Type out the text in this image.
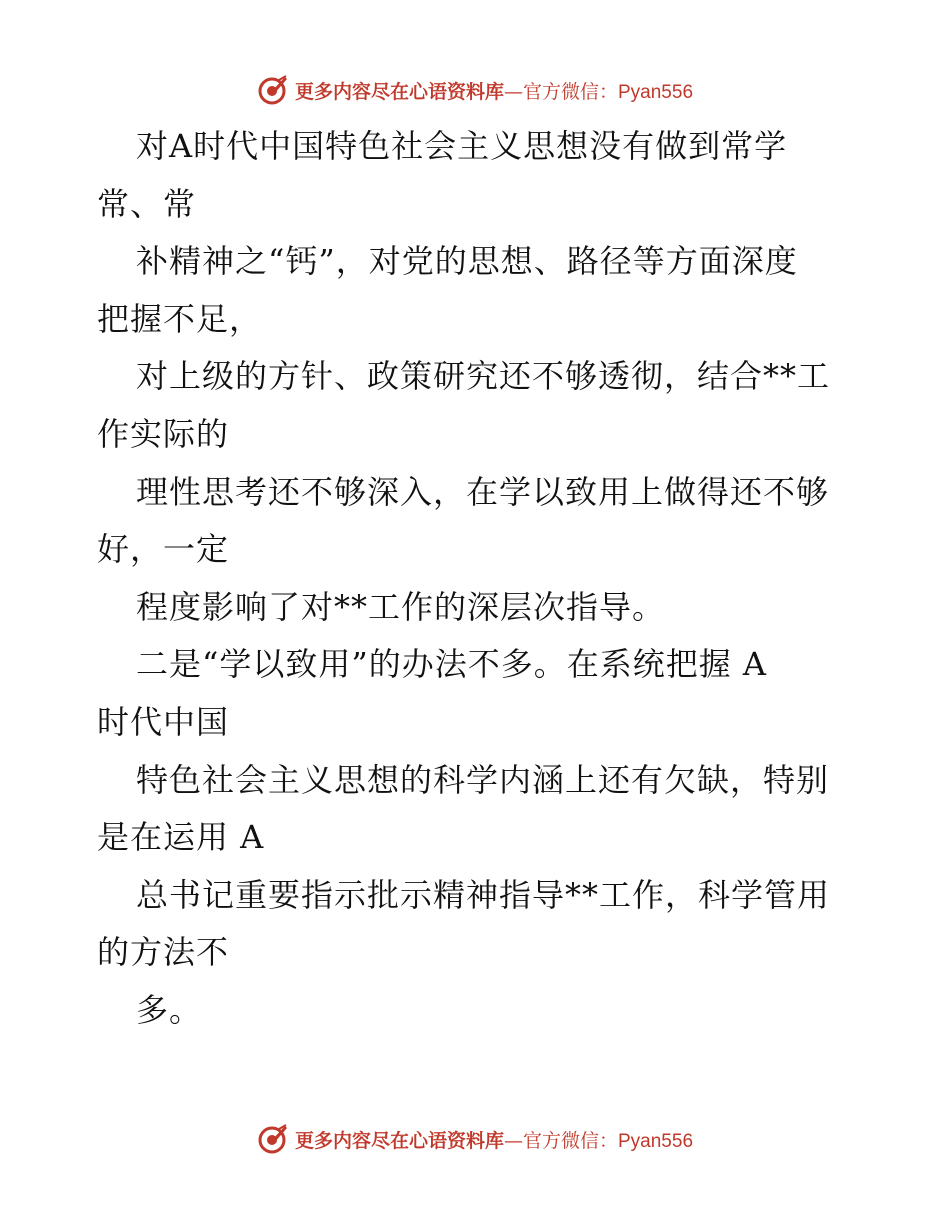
更多内容尽在心语资料库—官方微信：Pyan556
对A时代中国特色社会主义思想没有做到常学
常、常
补精神之“钙”，对党的思想、路径等方面深度
把握不足，
对上级的方针、政策研究还不够透彻，结合**工
作实际的
理性思考还不够深入，在学以致用上做得还不够
好，一定
程度影响了对**工作的深层次指导。
二是“学以致用”的办法不多。在系统把握 A
时代中国
特色社会主义思想的科学内涵上还有欠缺，特别
是在运用 A
总书记重要指示批示精神指导**工作，科学管用
的方法不
多。
更多内容尽在心语资料库—官方微信：Pyan556
